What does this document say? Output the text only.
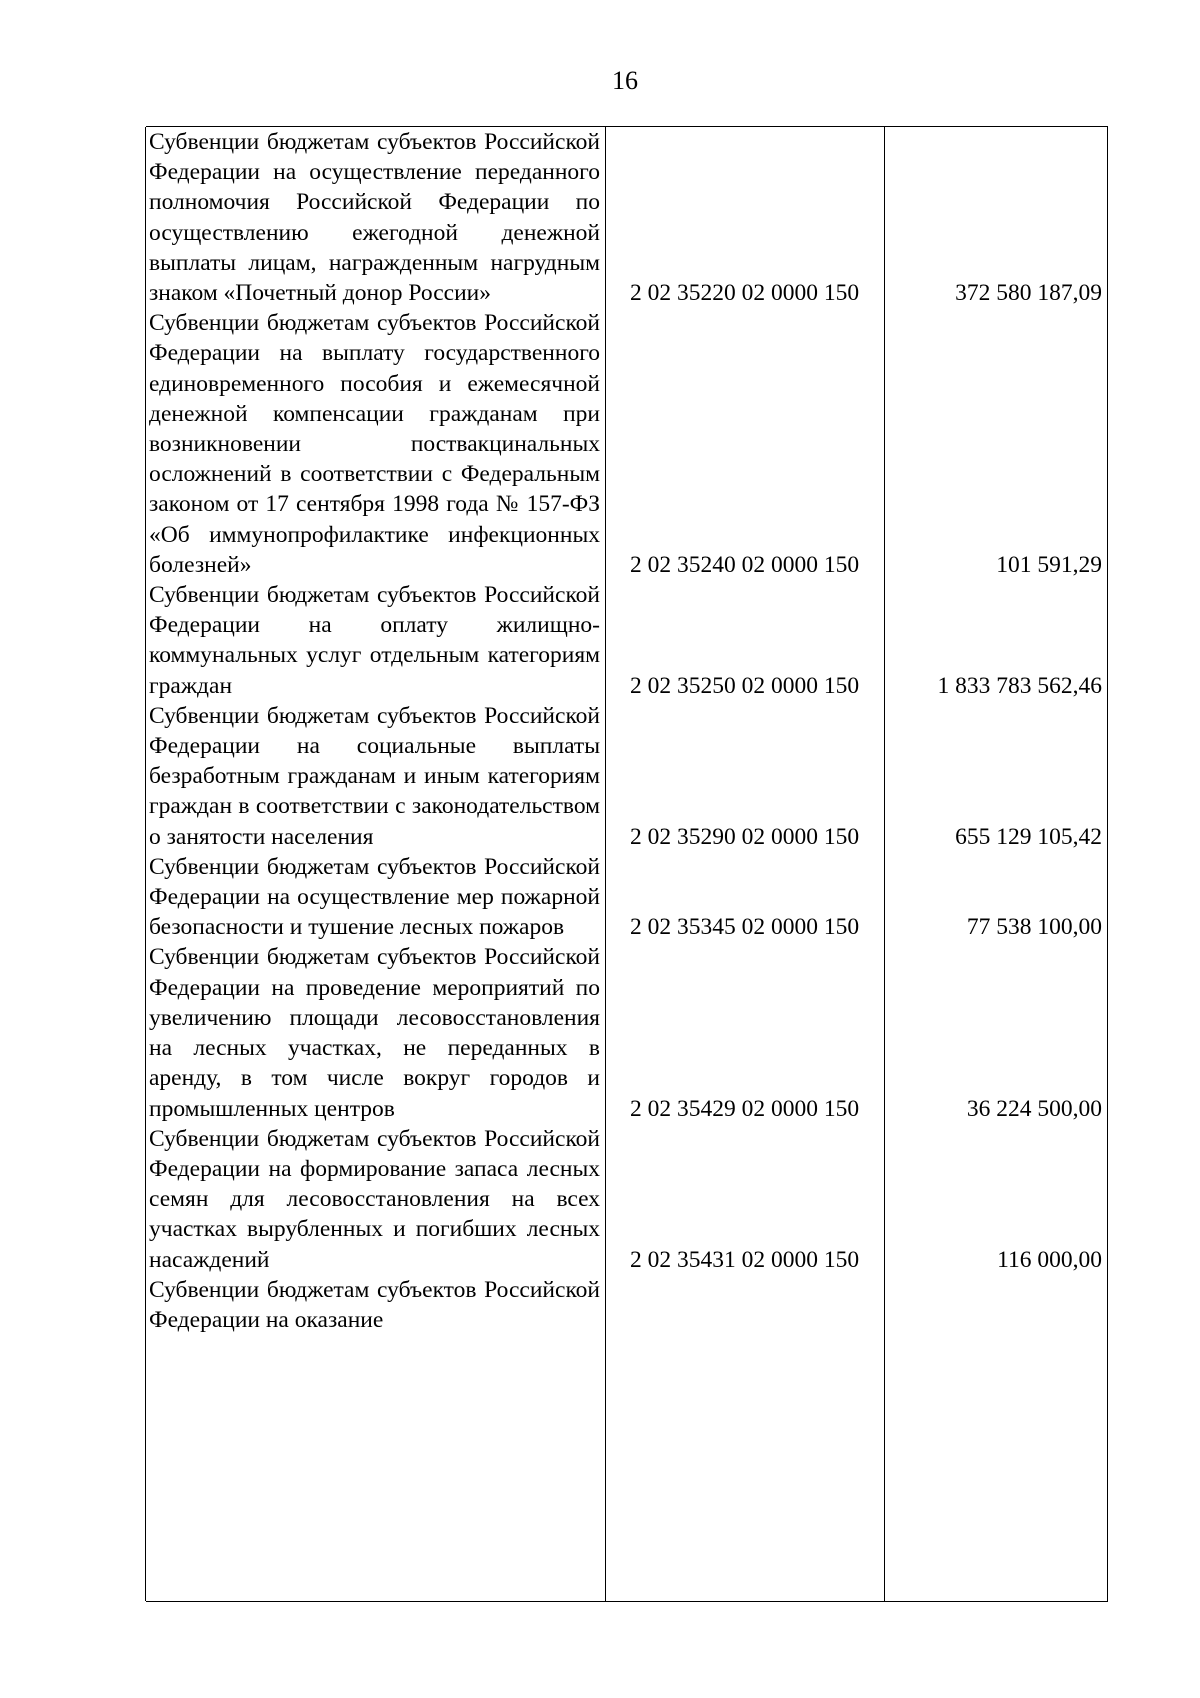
16
Субвенции бюджетам субъектов Российской Федерации на осуществление переданного полномочия Российской Федерации по осуществлению ежегодной денежной выплаты лицам, награжденным нагрудным знаком «Почетный донор России»	2 02 35220 02 0000 150	372 580 187,09
Субвенции бюджетам субъектов Российской Федерации на выплату государственного единовременного пособия и ежемесячной денежной компенсации гражданам при возникновении поствакцинальных осложнений в соответствии с Федеральным законом от 17 сентября 1998 года № 157-ФЗ «Об иммунопрофилактике инфекционных болезней»	2 02 35240 02 0000 150	101 591,29
Субвенции бюджетам субъектов Российской Федерации на оплату жилищно-коммунальных услуг отдельным категориям граждан	2 02 35250 02 0000 150	1 833 783 562,46
Субвенции бюджетам субъектов Российской Федерации на социальные выплаты безработным гражданам и иным категориям граждан в соответствии с законодательством о занятости населения	2 02 35290 02 0000 150	655 129 105,42
Субвенции бюджетам субъектов Российской Федерации на осуществление мер пожарной безопасности и тушение лесных пожаров	2 02 35345 02 0000 150	77 538 100,00
Субвенции бюджетам субъектов Российской Федерации на проведение мероприятий по увеличению площади лесовосстановления на лесных участках, не переданных в аренду, в том числе вокруг городов и промышленных центров	2 02 35429 02 0000 150	36 224 500,00
Субвенции бюджетам субъектов Российской Федерации на формирование запаса лесных семян для лесовосстановления на всех участках вырубленных и погибших лесных насаждений	2 02 35431 02 0000 150	116 000,00
Субвенции бюджетам субъектов Российской Федерации на оказание
